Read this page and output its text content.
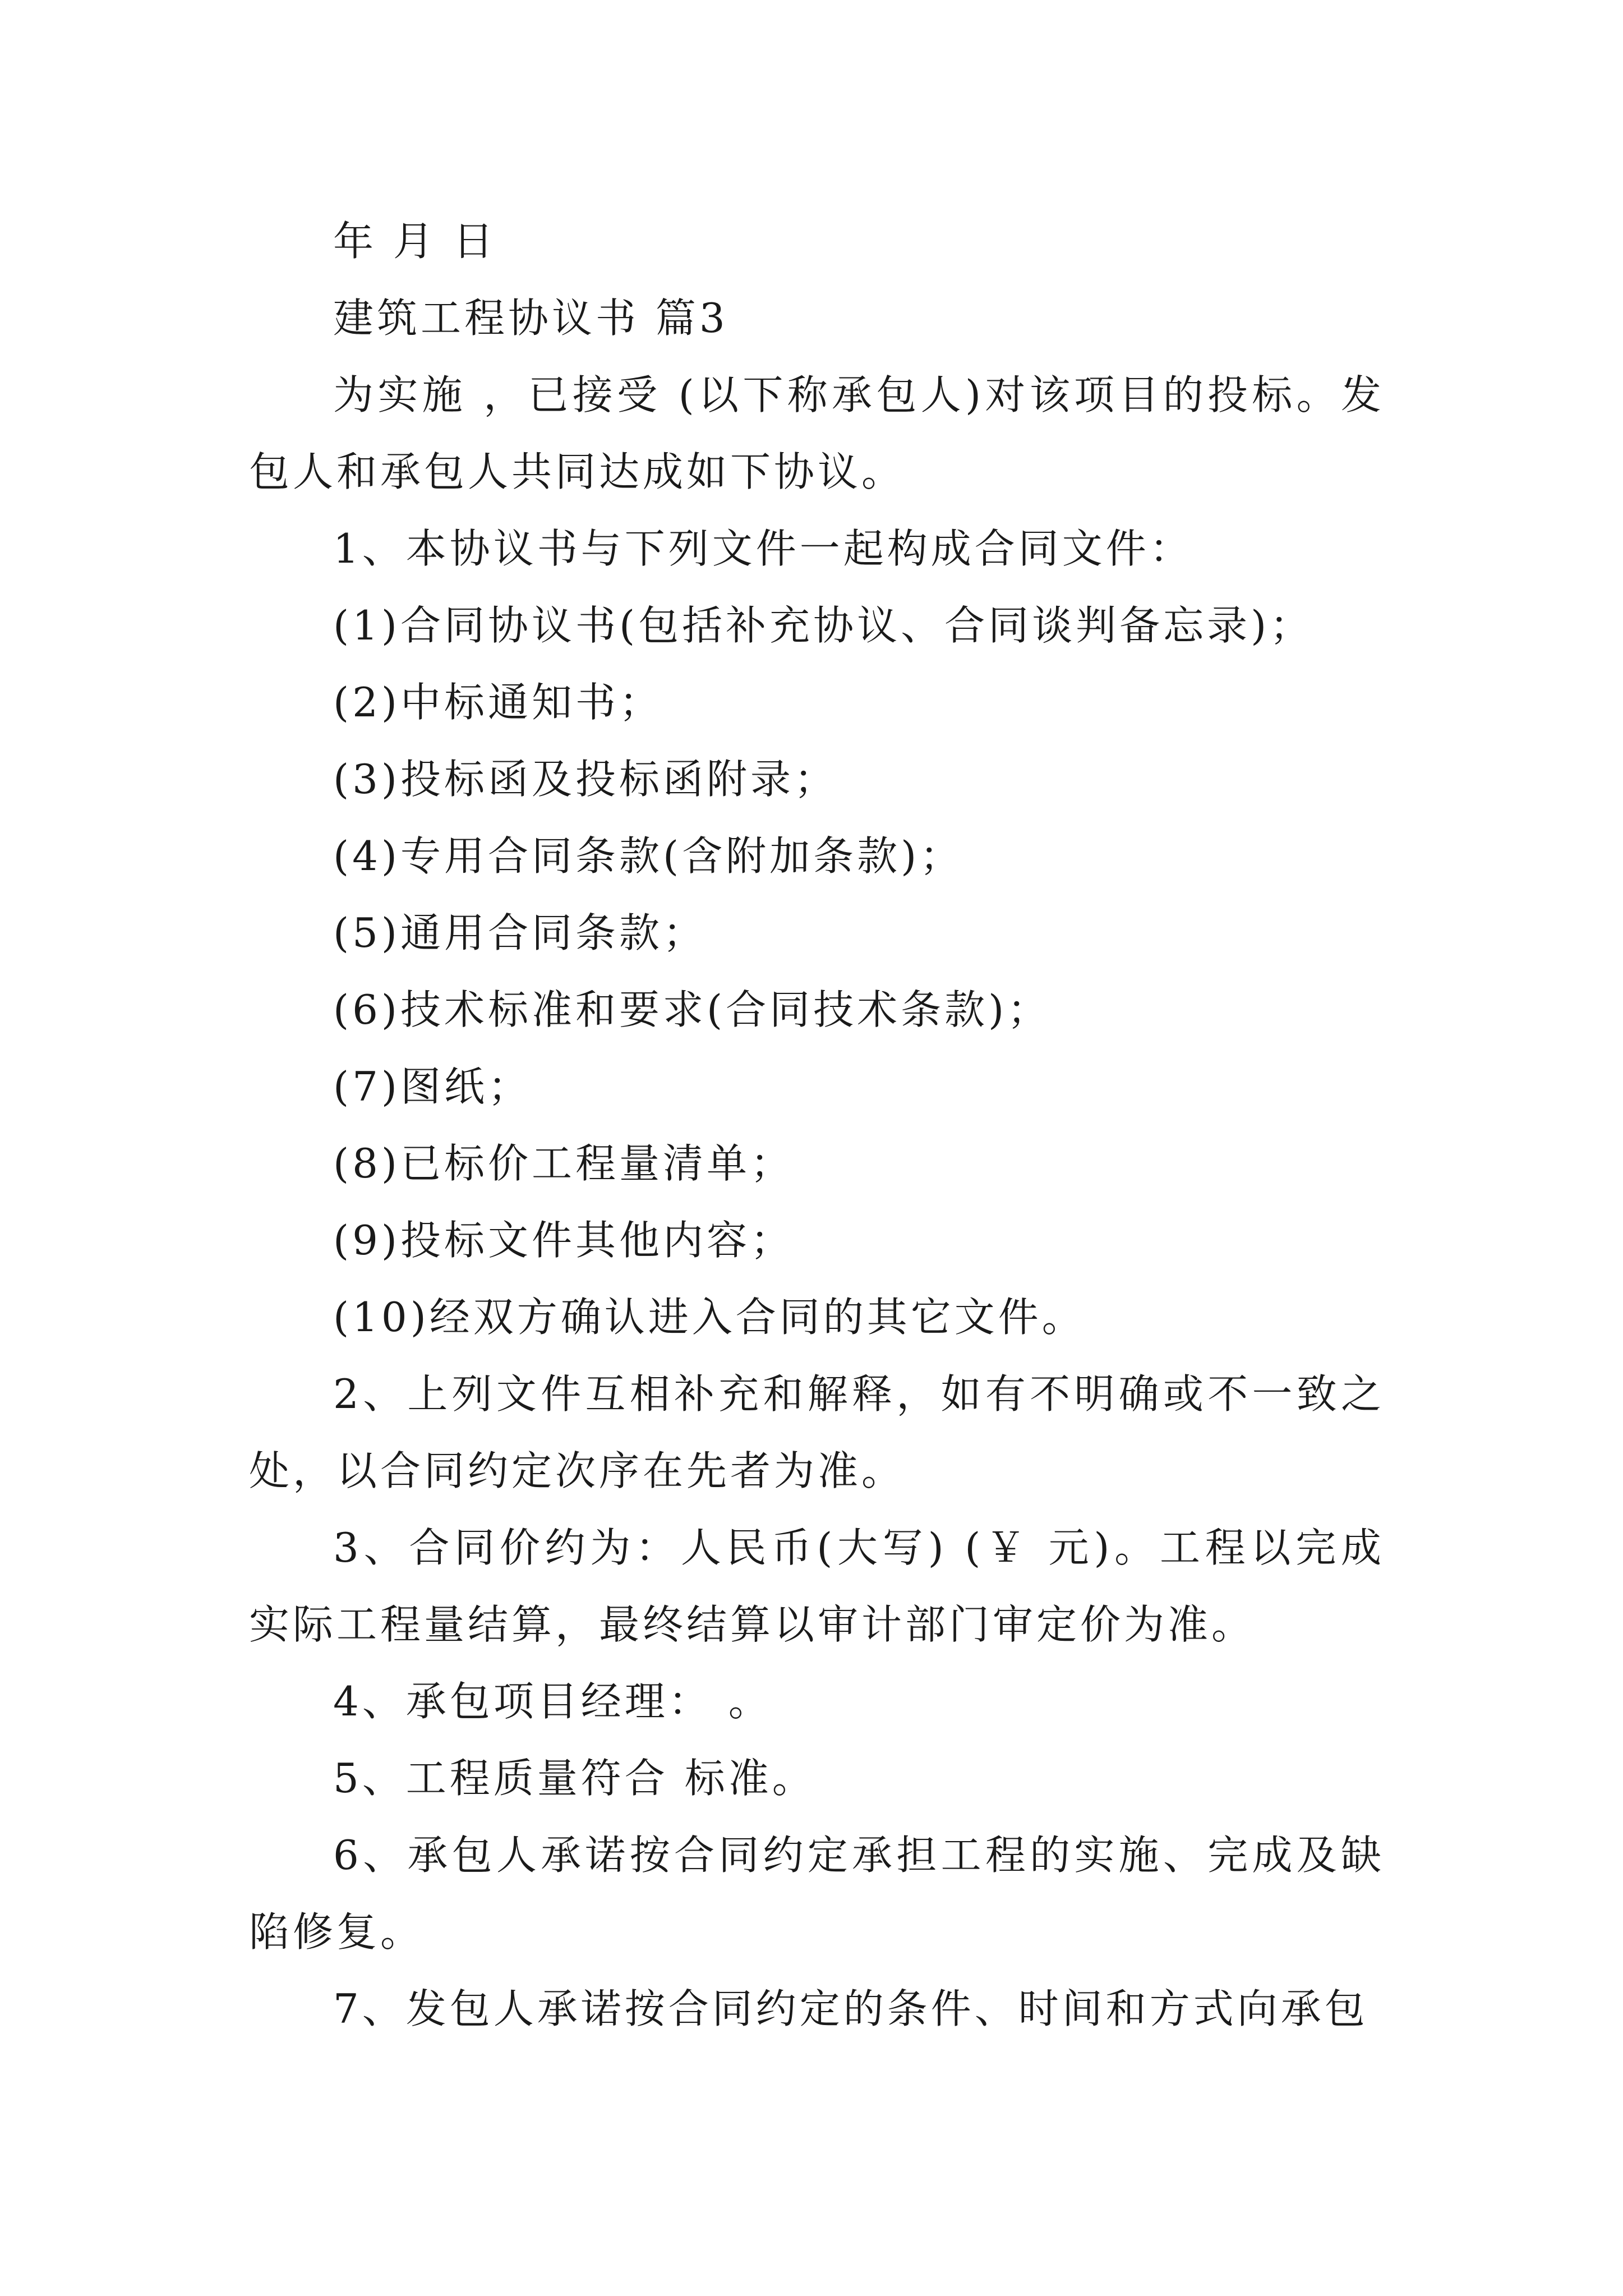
年 月 日

建筑工程协议书 篇3

为实施 ，已接受 (以下称承包人)对该项目的投标。发包人和承包人共同达成如下协议。

1、本协议书与下列文件一起构成合同文件：

(1)合同协议书(包括补充协议、合同谈判备忘录)；

(2)中标通知书；

(3)投标函及投标函附录；

(4)专用合同条款(含附加条款)；

(5)通用合同条款；

(6)技术标准和要求(合同技术条款)；

(7)图纸；

(8)已标价工程量清单；

(9)投标文件其他内容；

(10)经双方确认进入合同的其它文件。

2、上列文件互相补充和解释，如有不明确或不一致之处，以合同约定次序在先者为准。

3、合同价约为：人民币(大写) (￥ 元)。工程以完成实际工程量结算，最终结算以审计部门审定价为准。

4、承包项目经理： 。

5、工程质量符合 标准。

6、承包人承诺按合同约定承担工程的实施、完成及缺陷修复。

7、发包人承诺按合同约定的条件、时间和方式向承包
